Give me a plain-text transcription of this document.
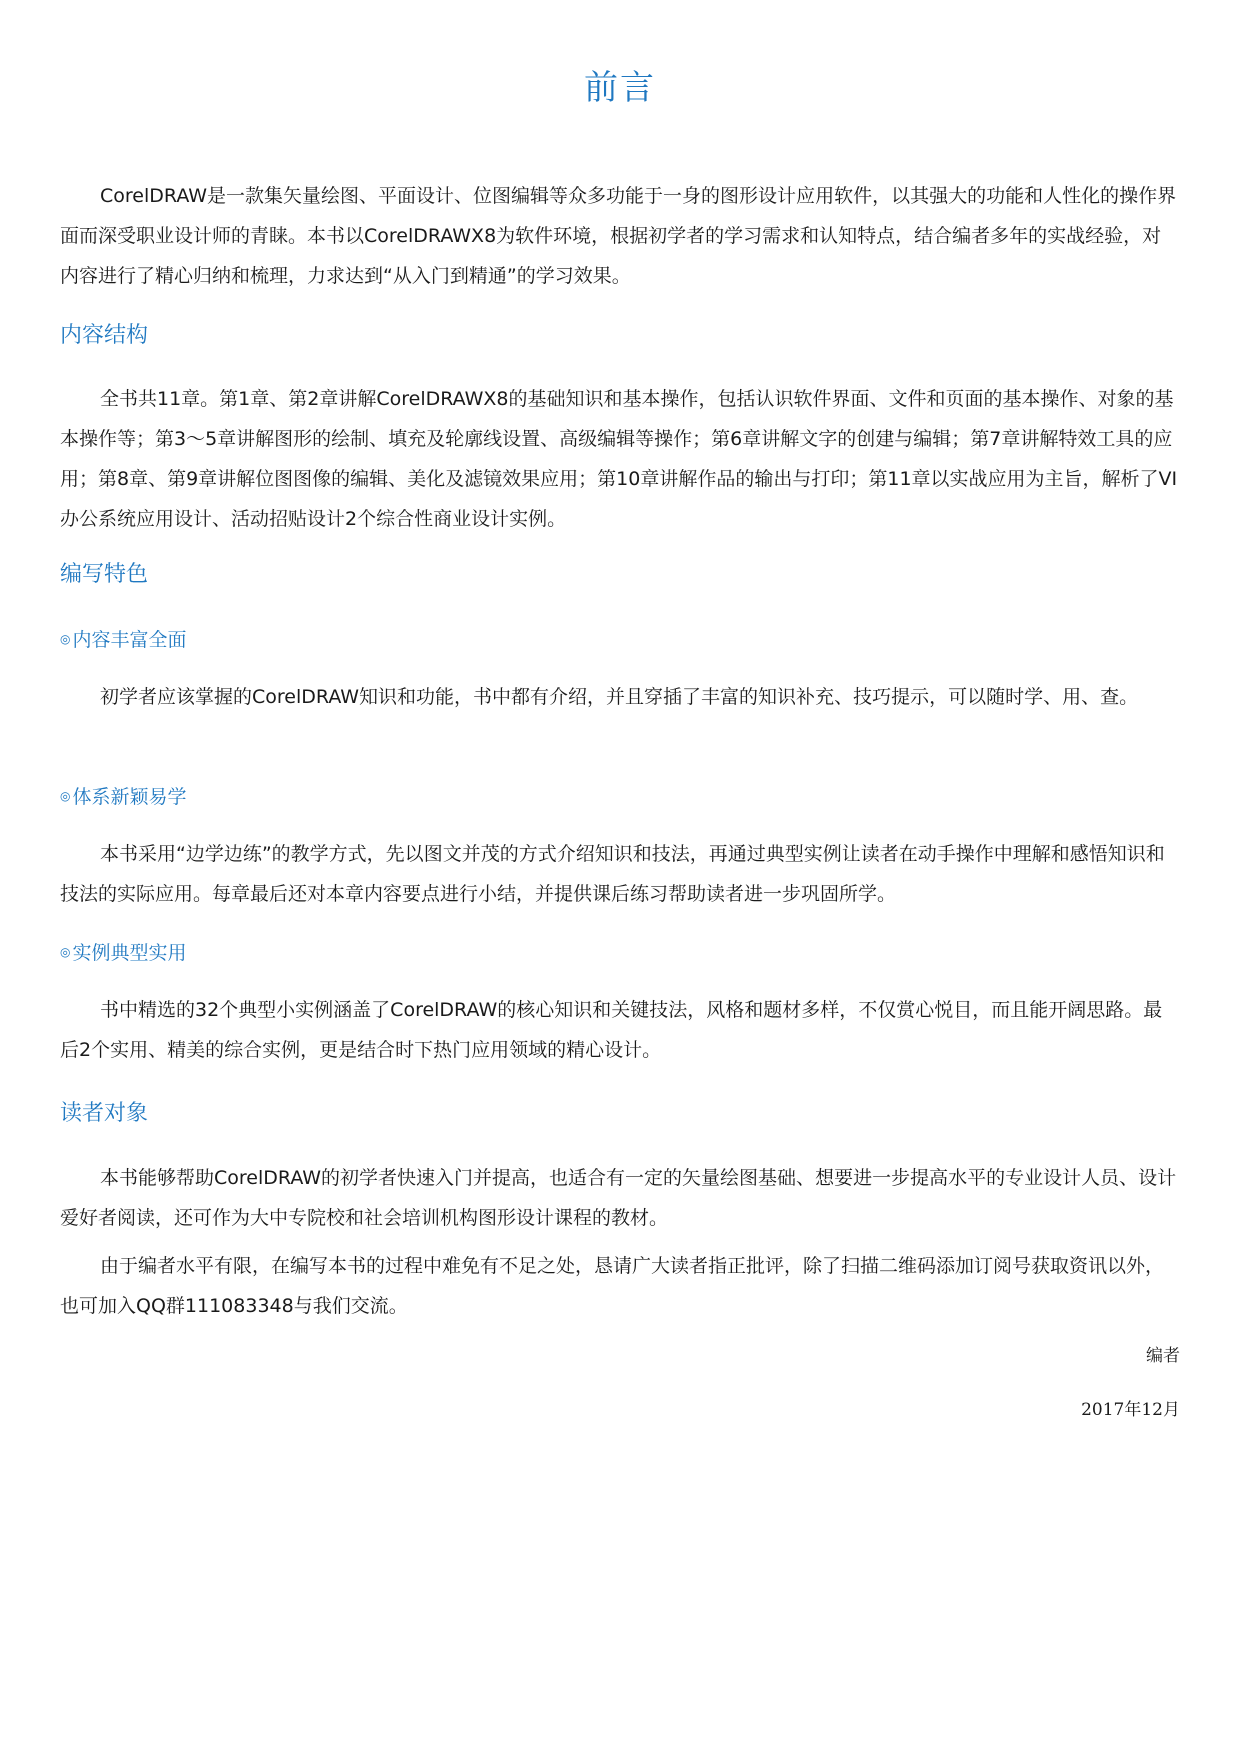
前言
CorelDRAW是一款集矢量绘图、平面设计、位图编辑等众多功能于一身的图形设计应用软件，以其强大的功能和人性化的操作界面而深受职业设计师的青睐。本书以CorelDRAWX8为软件环境，根据初学者的学习需求和认知特点，结合编者多年的实战经验，对内容进行了精心归纳和梳理，力求达到“从入门到精通”的学习效果。
内容结构
全书共11章。第1章、第2章讲解CorelDRAWX8的基础知识和基本操作，包括认识软件界面、文件和页面的基本操作、对象的基本操作等；第3～5章讲解图形的绘制、填充及轮廓线设置、高级编辑等操作；第6章讲解文字的创建与编辑；第7章讲解特效工具的应用；第8章、第9章讲解位图图像的编辑、美化及滤镜效果应用；第10章讲解作品的输出与打印；第11章以实战应用为主旨，解析了VI办公系统应用设计、活动招贴设计2个综合性商业设计实例。
编写特色
◎ 内容丰富全面
初学者应该掌握的CorelDRAW知识和功能，书中都有介绍，并且穿插了丰富的知识补充、技巧提示，可以随时学、用、查。
◎ 体系新颖易学
本书采用“边学边练”的教学方式，先以图文并茂的方式介绍知识和技法，再通过典型实例让读者在动手操作中理解和感悟知识和技法的实际应用。每章最后还对本章内容要点进行小结，并提供课后练习帮助读者进一步巩固所学。
◎ 实例典型实用
书中精选的32个典型小实例涵盖了CorelDRAW的核心知识和关键技法，风格和题材多样，不仅赏心悦目，而且能开阔思路。最后2个实用、精美的综合实例，更是结合时下热门应用领域的精心设计。
读者对象
本书能够帮助CorelDRAW的初学者快速入门并提高，也适合有一定的矢量绘图基础、想要进一步提高水平的专业设计人员、设计爱好者阅读，还可作为大中专院校和社会培训机构图形设计课程的教材。
由于编者水平有限，在编写本书的过程中难免有不足之处，恳请广大读者指正批评，除了扫描二维码添加订阅号获取资讯以外，也可加入QQ群111083348与我们交流。
编者
2017年12月
